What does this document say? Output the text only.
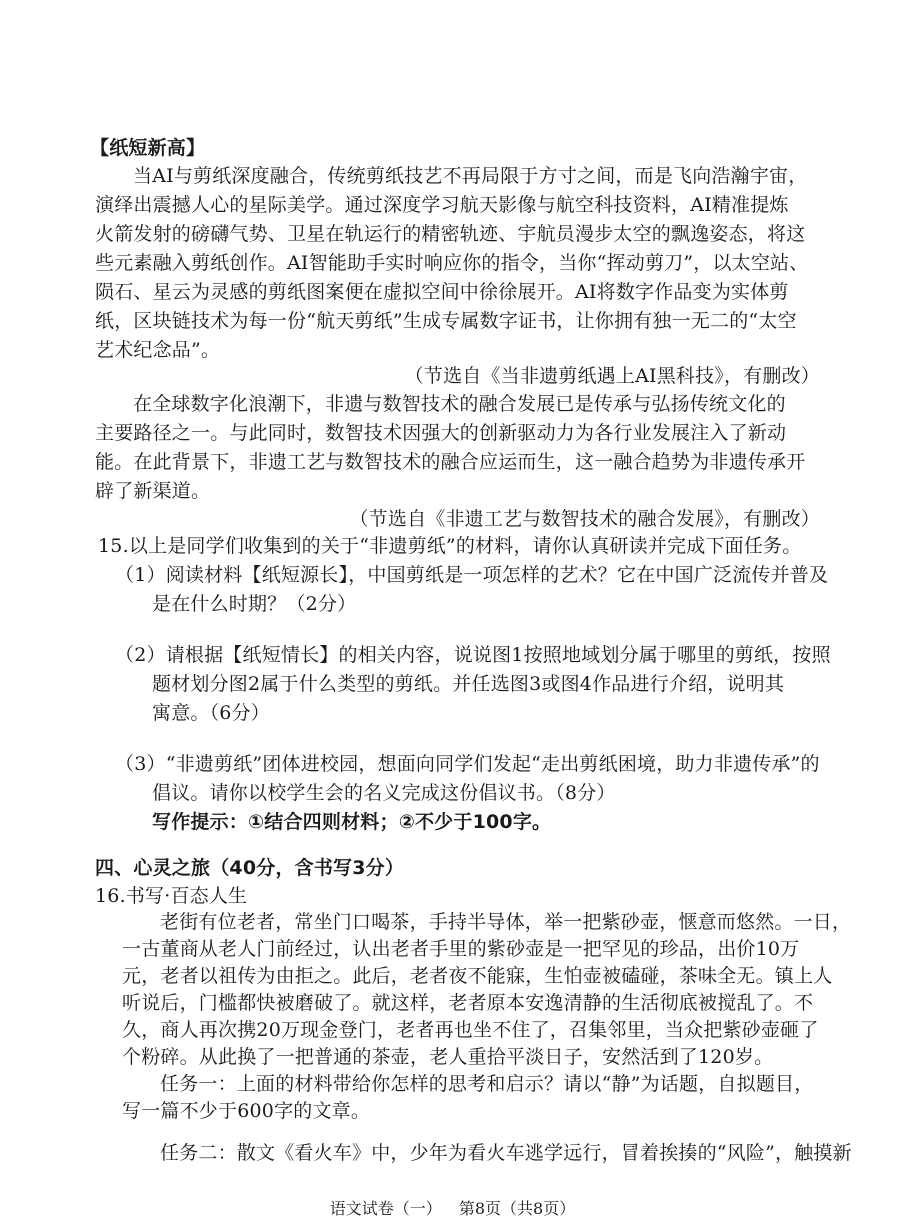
【纸短新高】
当AI与剪纸深度融合，传统剪纸技艺不再局限于方寸之间，而是飞向浩瀚宇宙，
演绎出震撼人心的星际美学。通过深度学习航天影像与航空科技资料，AI精准提炼
火箭发射的磅礴气势、卫星在轨运行的精密轨迹、宇航员漫步太空的飘逸姿态，将这
些元素融入剪纸创作。AI智能助手实时响应你的指令，当你“挥动剪刀”，以太空站、
陨石、星云为灵感的剪纸图案便在虚拟空间中徐徐展开。AI将数字作品变为实体剪
纸，区块链技术为每一份“航天剪纸”生成专属数字证书，让你拥有独一无二的“太空
艺术纪念品”。
（节选自《当非遗剪纸遇上AI黑科技》，有删改）
在全球数字化浪潮下，非遗与数智技术的融合发展已是传承与弘扬传统文化的
主要路径之一。与此同时，数智技术因强大的创新驱动力为各行业发展注入了新动
能。在此背景下，非遗工艺与数智技术的融合应运而生，这一融合趋势为非遗传承开
辟了新渠道。
（节选自《非遗工艺与数智技术的融合发展》，有删改）
15.以上是同学们收集到的关于“非遗剪纸”的材料，请你认真研读并完成下面任务。
（1）阅读材料【纸短源长】，中国剪纸是一项怎样的艺术？它在中国广泛流传并普及
是在什么时期？（2分）
（2）请根据【纸短情长】的相关内容，说说图1按照地域划分属于哪里的剪纸，按照
题材划分图2属于什么类型的剪纸。并任选图3或图4作品进行介绍，说明其
寓意。（6分）
（3）“非遗剪纸”团体进校园，想面向同学们发起“走出剪纸困境，助力非遗传承”的
倡议。请你以校学生会的名义完成这份倡议书。（8分）
写作提示：①结合四则材料；②不少于100字。
四、心灵之旅（40分，含书写3分）
16.书写·百态人生
老街有位老者，常坐门口喝茶，手持半导体，举一把紫砂壶，惬意而悠然。一日，
一古董商从老人门前经过，认出老者手里的紫砂壶是一把罕见的珍品，出价10万
元，老者以祖传为由拒之。此后，老者夜不能寐，生怕壶被磕碰，茶味全无。镇上人
听说后，门槛都快被磨破了。就这样，老者原本安逸清静的生活彻底被搅乱了。不
久，商人再次携20万现金登门，老者再也坐不住了，召集邻里，当众把紫砂壶砸了
个粉碎。从此换了一把普通的茶壶，老人重拾平淡日子，安然活到了120岁。
任务一：上面的材料带给你怎样的思考和启示？请以“静”为话题，自拟题目，
写一篇不少于600字的文章。
任务二：散文《看火车》中，少年为看火车逃学远行，冒着挨揍的“风险”，触摸新
语文试卷（一） 第8页（共8页）
